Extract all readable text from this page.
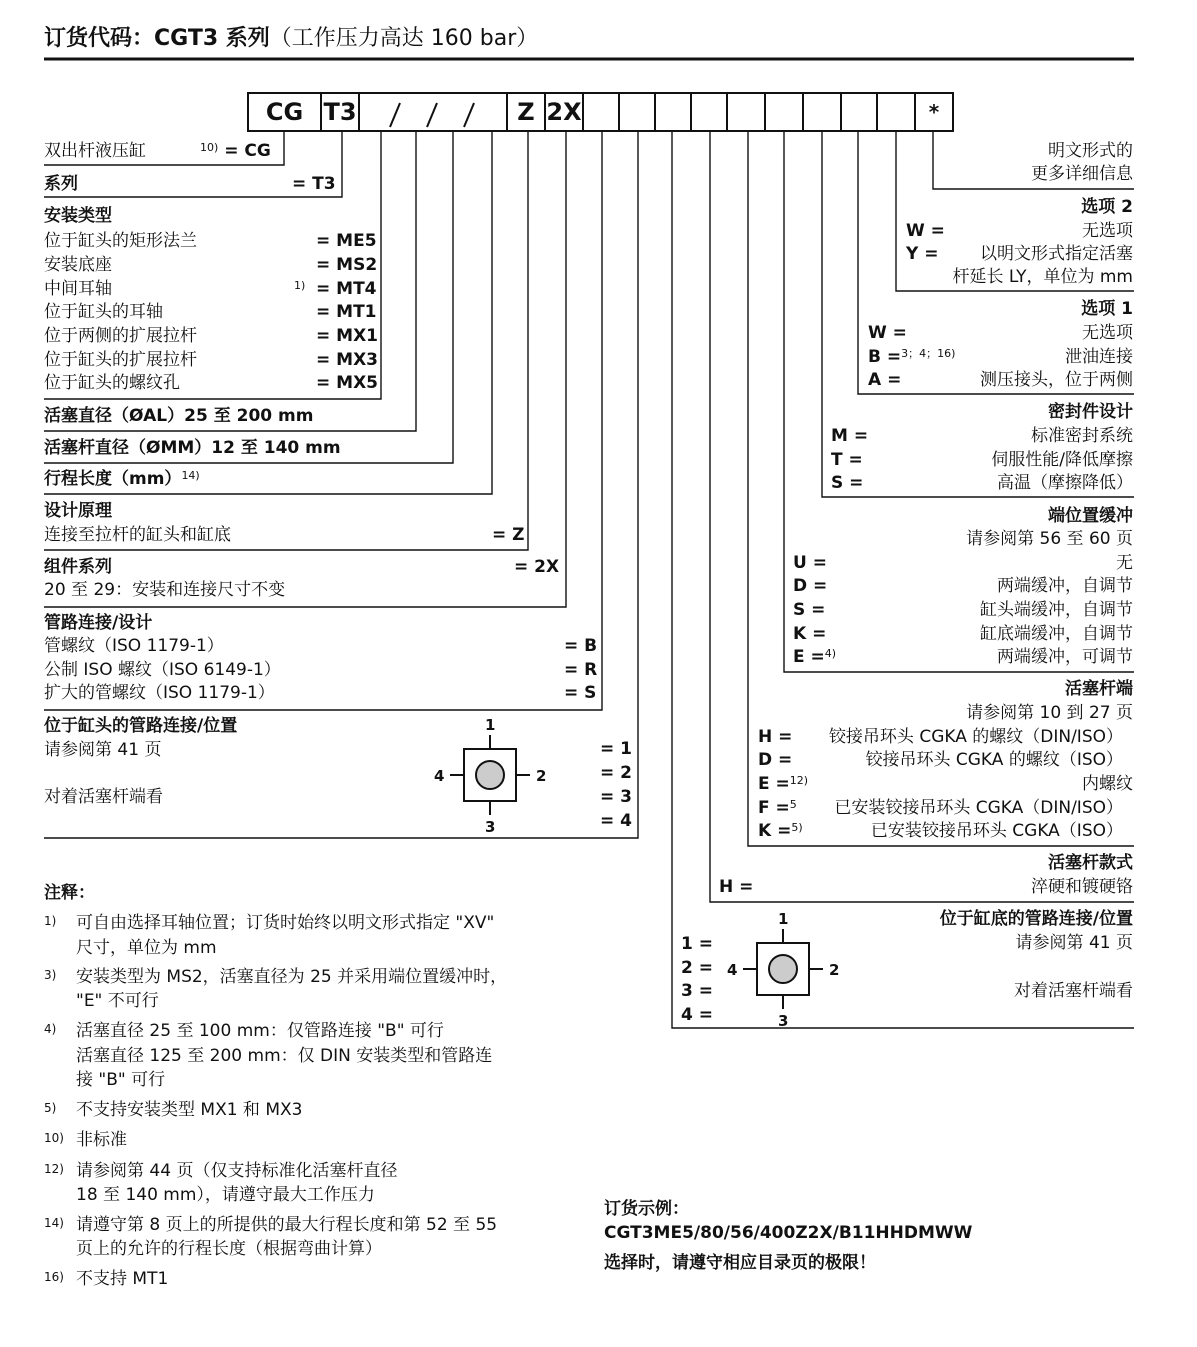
订货代码：CGT3 系列（工作压力高达 160 bar）
CG T3	Z 2X	*
双出杆液压缸	$^{10)}$ = CG
系列	= T3
安装类型
位于缸头的矩形法兰	= ME5
安装底座	= MS2
中间耳轴	$^{1)}$ = MT4
位于缸头的耳轴	= MT1
位于两侧的扩展拉杆	= MX1
位于缸头的扩展拉杆	= MX3
位于缸头的螺纹孔	= MX5
活塞直径（ØAL）25 至 200 mm
活塞杆直径（ØMM）12 至 140 mm
行程长度（mm）$^{14)}$
设计原理
连接至拉杆的缸头和缸底	= Z
组件系列	= 2X
20 至 29：安装和连接尺寸不变
管路连接/设计
管螺纹（ISO 1179-1）	= B
公制 ISO 螺纹（ISO 6149-1）	= R
扩大的管螺纹（ISO 1179-1）	= S
位于缸头的管路连接/位置
请参阅第 41 页
对着活塞杆端看
1
2
3
4
= 1
= 2
= 3
= 4
明文形式的
更多详细信息
选项 2
W =	无选项
Y = 以明文形式指定活塞
杆延长 LY，单位为 mm
选项 1
W =	无选项
B =$^{3;4;16)}$	泄油连接
A =	测压接头，位于两侧
密封件设计
M =	标准密封系统
T =	伺服性能/降低摩擦
S =	高温（摩擦降低）
端位置缓冲
请参阅第 56 至 60 页
U =	无
D =	两端缓冲，自调节
S =	缸头端缓冲，自调节
K =	缸底端缓冲，自调节
E =$^{4)}$	两端缓冲，可调节
活塞杆端
请参阅第 10 到 27 页
H = 铰接吊环头 CGKA 的螺纹（DIN/ISO）
D =	铰接吊环头 CGKA 的螺纹（ISO）
E =$^{12)}$	内螺纹
F =$^5$ 已安装铰接吊环头 CGKA（DIN/ISO）
K =$^{5)}$	已安装铰接吊环头 CGKA（ISO）
活塞杆款式
H =	淬硬和镀硬铬
位于缸底的管路连接/位置
请参阅第 41 页
对着活塞杆端看
1 =
2 =
3 =
4 =
1
2
3
4
注释：
1) 可自由选择耳轴位置；订货时始终以明文形式指定 "XV"
尺寸，单位为 mm
3) 安装类型为 MS2，活塞直径为 25 并采用端位置缓冲时，
"E" 不可行
4) 活塞直径 25 至 100 mm：仅管路连接 "B" 可行
活塞直径 125 至 200 mm：仅 DIN 安装类型和管路连
接 "B" 可行
5) 不支持安装类型 MX1 和 MX3
10) 非标准
12) 请参阅第 44 页（仅支持标准化活塞杆直径
18 至 140 mm），请遵守最大工作压力
14) 请遵守第 8 页上的所提供的最大行程长度和第 52 至 55
页上的允许的行程长度（根据弯曲计算）
16) 不支持 MT1
订货示例：
CGT3ME5/80/56/400Z2X/B11HHDMWW
选择时，请遵守相应目录页的极限！
